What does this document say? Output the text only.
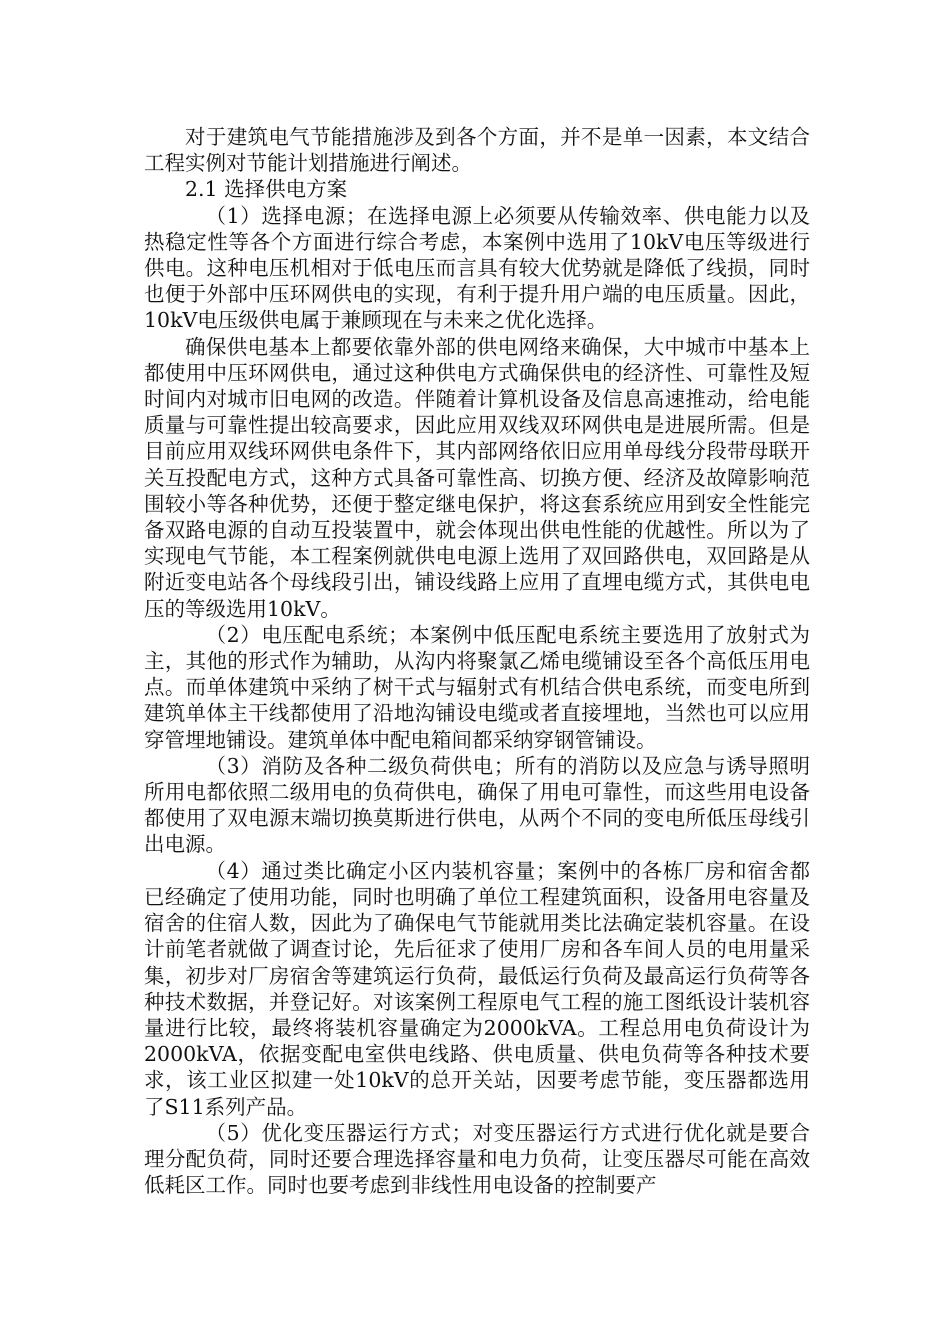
对于建筑电气节能措施涉及到各个方面，并不是单一因素，本文结合工程实例对节能计划措施进行阐述。

2.1 选择供电方案

（1）选择电源；在选择电源上必须要从传输效率、供电能力以及热稳定性等各个方面进行综合考虑，本案例中选用了10kV电压等级进行供电。这种电压机相对于低电压而言具有较大优势就是降低了线损，同时也便于外部中压环网供电的实现，有利于提升用户端的电压质量。因此，10kV电压级供电属于兼顾现在与未来之优化选择。

确保供电基本上都要依靠外部的供电网络来确保，大中城市中基本上都使用中压环网供电，通过这种供电方式确保供电的经济性、可靠性及短时间内对城市旧电网的改造。伴随着计算机设备及信息高速推动，给电能质量与可靠性提出较高要求，因此应用双线双环网供电是进展所需。但是目前应用双线环网供电条件下，其内部网络依旧应用单母线分段带母联开关互投配电方式，这种方式具备可靠性高、切换方便、经济及故障影响范围较小等各种优势，还便于整定继电保护，将这套系统应用到安全性能完备双路电源的自动互投装置中，就会体现出供电性能的优越性。所以为了实现电气节能，本工程案例就供电电源上选用了双回路供电，双回路是从附近变电站各个母线段引出，铺设线路上应用了直埋电缆方式，其供电电压的等级选用10kV。

（2）电压配电系统；本案例中低压配电系统主要选用了放射式为主，其他的形式作为辅助，从沟内将聚氯乙烯电缆铺设至各个高低压用电点。而单体建筑中采纳了树干式与辐射式有机结合供电系统，而变电所到建筑单体主干线都使用了沿地沟铺设电缆或者直接埋地，当然也可以应用穿管埋地铺设。建筑单体中配电箱间都采纳穿钢管铺设。

（3）消防及各种二级负荷供电；所有的消防以及应急与诱导照明所用电都依照二级用电的负荷供电，确保了用电可靠性，而这些用电设备都使用了双电源末端切换莫斯进行供电，从两个不同的变电所低压母线引出电源。

（4）通过类比确定小区内装机容量；案例中的各栋厂房和宿舍都已经确定了使用功能，同时也明确了单位工程建筑面积，设备用电容量及宿舍的住宿人数，因此为了确保电气节能就用类比法确定装机容量。在设计前笔者就做了调查讨论，先后征求了使用厂房和各车间人员的电用量采集，初步对厂房宿舍等建筑运行负荷，最低运行负荷及最高运行负荷等各种技术数据，并登记好。对该案例工程原电气工程的施工图纸设计装机容量进行比较，最终将装机容量确定为2000kVA。工程总用电负荷设计为2000kVA，依据变配电室供电线路、供电质量、供电负荷等各种技术要求，该工业区拟建一处10kV的总开关站，因要考虑节能，变压器都选用了S11系列产品。

（5）优化变压器运行方式；对变压器运行方式进行优化就是要合理分配负荷，同时还要合理选择容量和电力负荷，让变压器尽可能在高效低耗区工作。同时也要考虑到非线性用电设备的控制要产
